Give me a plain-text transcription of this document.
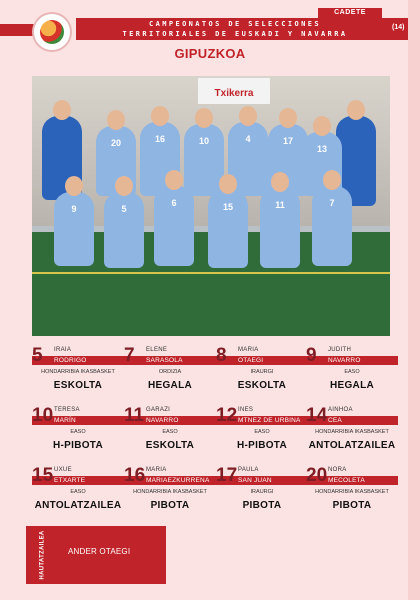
CADETE
CAMPEONATOS DE SELECCIONES
TERRITORIALES DE EUSKADI Y NAVARRA
(14)
GIPUZKOA
Txikerra
20	16	10	4	17
13
9	5
6	15	11	7
5 IRAIA
RODRIGO
HONDARRIBIA IKASBASKET
ESKOLTA
7 ELENE
SARASOLA
ORDIZIA
HEGALA
8 MARIA
OTAEGI
IRAURGI
ESKOLTA
9 JUDITH
NAVARRO
EASO
HEGALA
10 TERESA
MARÍN
EASO
H-PIBOTA
11 GARAZI
NAVARRO
EASO
ESKOLTA
12 INES
MTNEZ DE URBINA
EASO
H-PIBOTA
14 AINHOA
CEA
HONDARRIBIA IKASBASKET
ANTOLATZAILEA
15 UXUE
ETXARTE
EASO
ANTOLATZAILEA
16 MARIA
MARIAEZKURRENA
HONDARRIBIA IKASBASKET
PIBOTA
17 PAULA
SAN JUAN
IRAURGI
PIBOTA
20 NORA
MECOLETA
HONDARRIBIA IKASBASKET
PIBOTA
HAUTATZAILEA	ANDER OTAEGI
